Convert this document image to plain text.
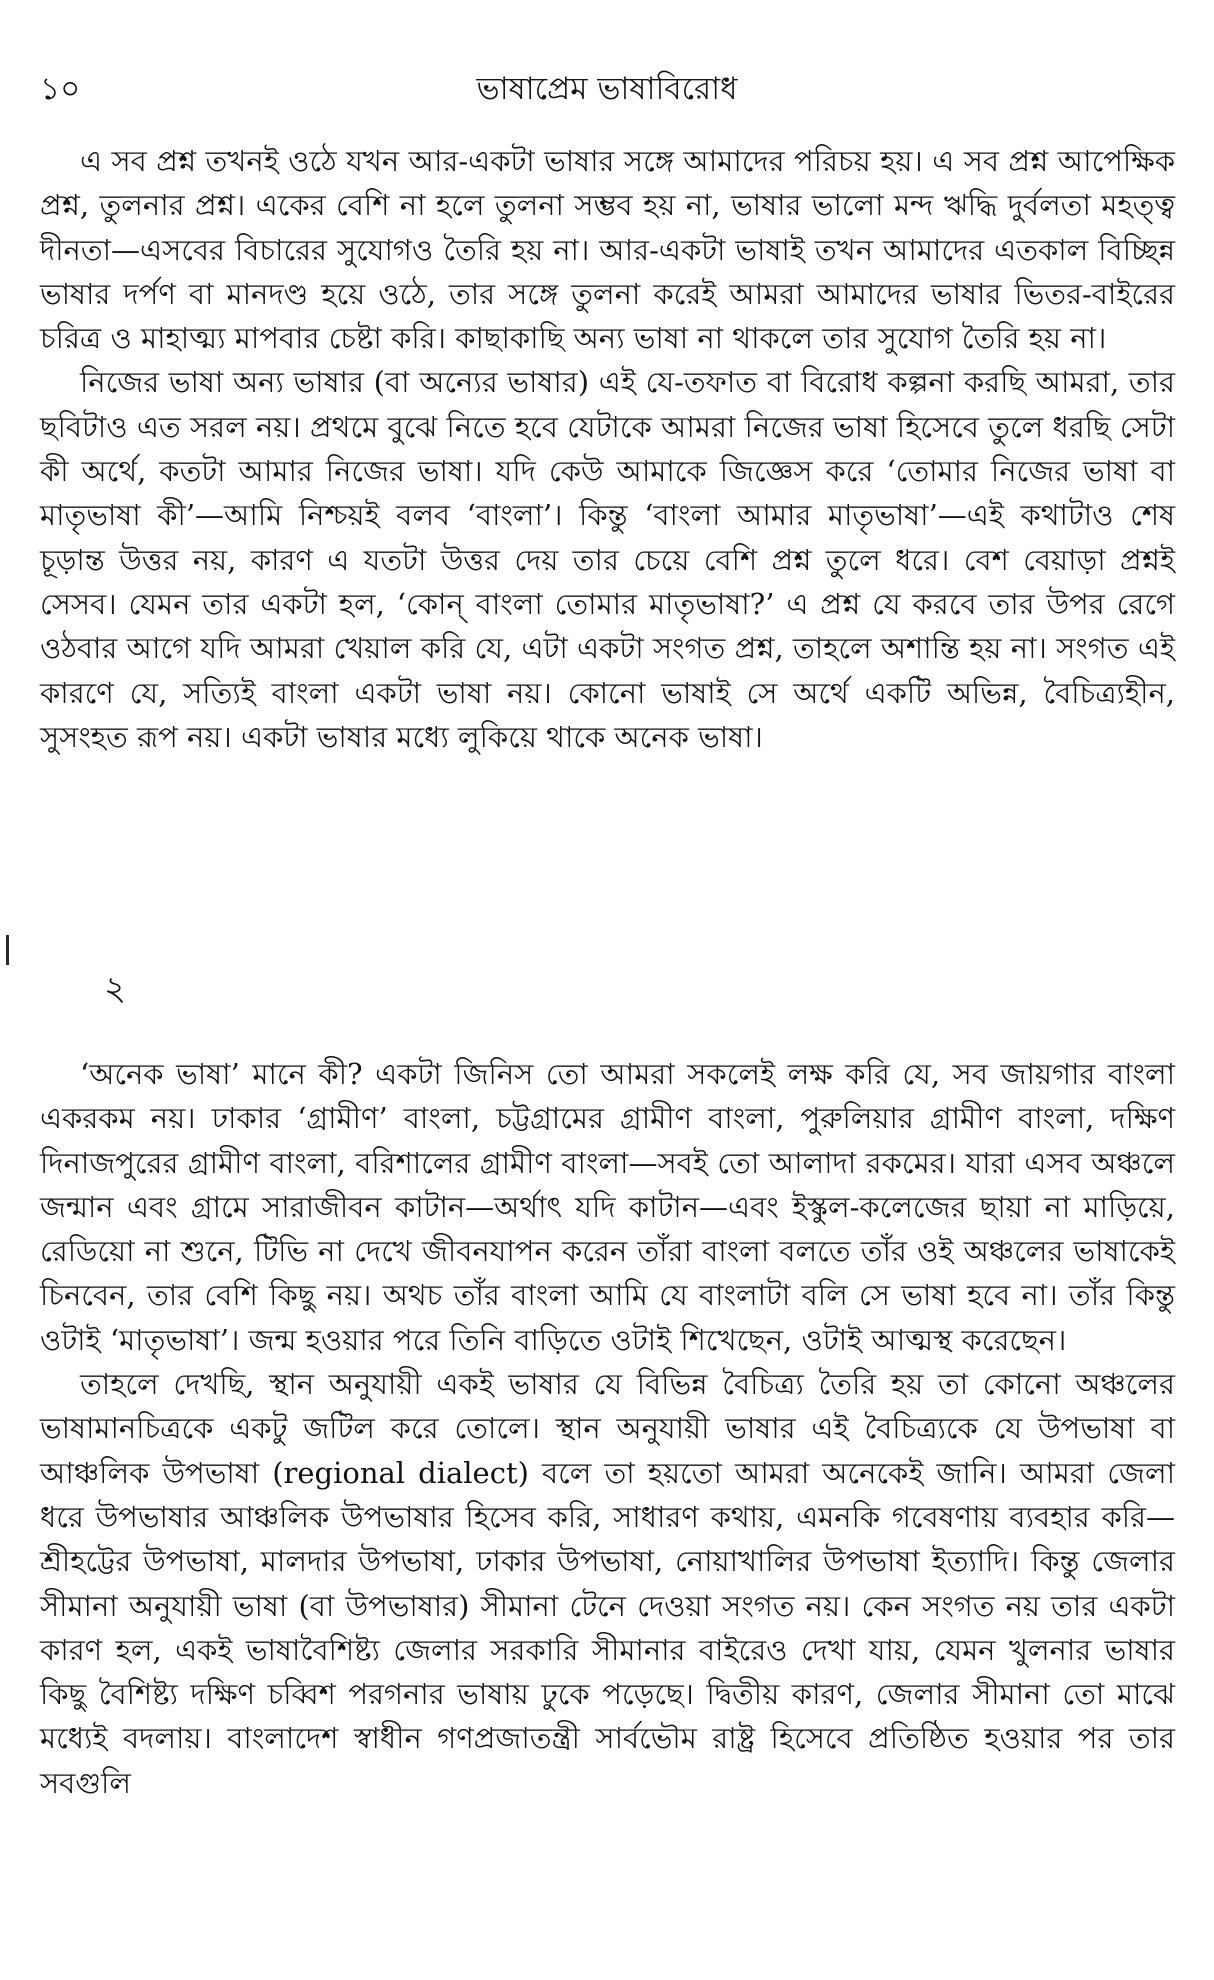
১০	ভাষাপ্রেম ভাষাবিরোধ

এ সব প্রশ্ন তখনই ওঠে যখন আর-একটা ভাষার সঙ্গে আমাদের পরিচয় হয়। এ সব প্রশ্ন আপেক্ষিক প্রশ্ন, তুলনার প্রশ্ন। একের বেশি না হলে তুলনা সম্ভব হয় না, ভাষার ভালো মন্দ ঋদ্ধি দুর্বলতা মহত্ত্ব দীনতা—এসবের বিচারের সুযোগও তৈরি হয় না। আর-একটা ভাষাই তখন আমাদের এতকাল বিচ্ছিন্ন ভাষার দর্পণ বা মানদণ্ড হয়ে ওঠে, তার সঙ্গে তুলনা করেই আমরা আমাদের ভাষার ভিতর-বাইরের চরিত্র ও মাহাত্ম্য মাপবার চেষ্টা করি। কাছাকাছি অন্য ভাষা না থাকলে তার সুযোগ তৈরি হয় না।

নিজের ভাষা অন্য ভাষার (বা অন্যের ভাষার) এই যে-তফাত বা বিরোধ কল্পনা করছি আমরা, তার ছবিটাও এত সরল নয়। প্রথমে বুঝে নিতে হবে যেটাকে আমরা নিজের ভাষা হিসেবে তুলে ধরছি সেটা কী অর্থে, কতটা আমার নিজের ভাষা। যদি কেউ আমাকে জিজ্ঞেস করে ‘তোমার নিজের ভাষা বা মাতৃভাষা কী’—আমি নিশ্চয়ই বলব ‘বাংলা’। কিন্তু ‘বাংলা আমার মাতৃভাষা’—এই কথাটাও শেষ চূড়ান্ত উত্তর নয়, কারণ এ যতটা উত্তর দেয় তার চেয়ে বেশি প্রশ্ন তুলে ধরে। বেশ বেয়াড়া প্রশ্নই সেসব। যেমন তার একটা হল, ‘কোন্ বাংলা তোমার মাতৃভাষা?’ এ প্রশ্ন যে করবে তার উপর রেগে ওঠবার আগে যদি আমরা খেয়াল করি যে, এটা একটা সংগত প্রশ্ন, তাহলে অশান্তি হয় না। সংগত এই কারণে যে, সত্যিই বাংলা একটা ভাষা নয়। কোনো ভাষাই সে অর্থে একটি অভিন্ন, বৈচিত্র্যহীন, সুসংহত রূপ নয়। একটা ভাষার মধ্যে লুকিয়ে থাকে অনেক ভাষা।

২

‘অনেক ভাষা’ মানে কী? একটা জিনিস তো আমরা সকলেই লক্ষ করি যে, সব জায়গার বাংলা একরকম নয়। ঢাকার ‘গ্রামীণ’ বাংলা, চট্টগ্রামের গ্রামীণ বাংলা, পুরুলিয়ার গ্রামীণ বাংলা, দক্ষিণ দিনাজপুরের গ্রামীণ বাংলা, বরিশালের গ্রামীণ বাংলা—সবই তো আলাদা রকমের। যারা এসব অঞ্চলে জন্মান এবং গ্রামে সারাজীবন কাটান—অর্থাৎ যদি কাটান—এবং ইস্কুল-কলেজের ছায়া না মাড়িয়ে, রেডিয়ো না শুনে, টিভি না দেখে জীবনযাপন করেন তাঁরা বাংলা বলতে তাঁর ওই অঞ্চলের ভাষাকেই চিনবেন, তার বেশি কিছু নয়। অথচ তাঁর বাংলা আমি যে বাংলাটা বলি সে ভাষা হবে না। তাঁর কিন্তু ওটাই ‘মাতৃভাষা’। জন্ম হওয়ার পরে তিনি বাড়িতে ওটাই শিখেছেন, ওটাই আত্মস্থ করেছেন।

তাহলে দেখছি, স্থান অনুযায়ী একই ভাষার যে বিভিন্ন বৈচিত্র্য তৈরি হয় তা কোনো অঞ্চলের ভাষামানচিত্রকে একটু জটিল করে তোলে। স্থান অনুযায়ী ভাষার এই বৈচিত্র্যকে যে উপভাষা বা আঞ্চলিক উপভাষা (regional dialect) বলে তা হয়তো আমরা অনেকেই জানি। আমরা জেলা ধরে উপভাষার আঞ্চলিক উপভাষার হিসেব করি, সাধারণ কথায়, এমনকি গবেষণায় ব্যবহার করি—শ্রীহট্টের উপভাষা, মালদার উপভাষা, ঢাকার উপভাষা, নোয়াখালির উপভাষা ইত্যাদি। কিন্তু জেলার সীমানা অনুযায়ী ভাষা (বা উপভাষার) সীমানা টেনে দেওয়া সংগত নয়। কেন সংগত নয় তার একটা কারণ হল, একই ভাষাবৈশিষ্ট্য জেলার সরকারি সীমানার বাইরেও দেখা যায়, যেমন খুলনার ভাষার কিছু বৈশিষ্ট্য দক্ষিণ চব্বিশ পরগনার ভাষায় ঢুকে পড়েছে। দ্বিতীয় কারণ, জেলার সীমানা তো মাঝে মধ্যেই বদলায়। বাংলাদেশ স্বাধীন গণপ্রজাতন্ত্রী সার্বভৌম রাষ্ট্র হিসেবে প্রতিষ্ঠিত হওয়ার পর তার সবগুলি
